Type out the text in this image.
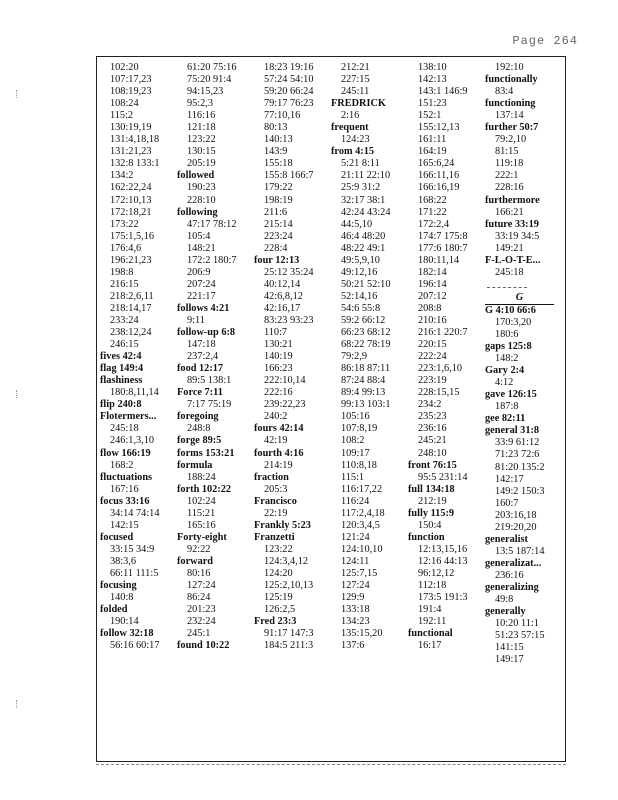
Page 264
102:20
107:17,23
108:19,23
108:24
115:2
130:19,19
131:4,18,18
131:21,23
132:8 133:1
134:2
162:22,24
172:10,13
172:18,21
173:22
175:1,5,16
176:4,6
196:21,23
198:8
216:15
218:2,6,11
218:14,17
233:24
238:12,24
246:15
fives 42:4
flag 149:4
flashiness
180:8,11,14
flip 240:8
Flotermers...
245:18
246:1,3,10
flow 166:19
168:2
fluctuations
167:16
focus 33:16
34:14 74:14
142:15
focused
33:15 34:9
38:3,6
66:11 111:5
focusing
140:8
folded
190:14
follow 32:18
56:16 60:17
61:20 75:16
75:20 91:4
94:15,23
95:2,3
116:16
121:18
123:22
130:15
205:19
followed
190:23
228:10
following
47:17 78:12
105:4
148:21
172:2 180:7
206:9
207:24
221:17
follows 4:21
9:11
follow-up 6:8
147:18
237:2,4
food 12:17
89:5 138:1
Force 7:11
7:17 75:19
foregoing
248:8
forge 89:5
forms 153:21
formula
188:24
forth 102:22
102:24
115:21
165:16
Forty-eight
92:22
forward
80:16
127:24
86:24
201:23
232:24
245:1
found 10:22
18:23 19:16
57:24 54:10
59:20 66:24
79:17 76:23
77:10,16
80:13
140:13
143:9
155:18
155:8 166:7
179:22
198:19
211:6
215:14
223:24
228:4
four 12:13
25:12 35:24
40:12,14
42:6,8,12
42:16,17
83:23 93:23
110:7
130:21
140:19
166:23
222:10,14
222:16
239:22,23
240:2
fours 42:14
42:19
fourth 4:16
214:19
fraction
205:3
Francisco
22:19
Frankly 5:23
Franzetti
123:22
124:3,4,12
124:20
125:2,10,13
125:19
126:2,5
Fred 23:3
91:17 147:3
184:5 211:3
212:21
227:15
245:11
FREDRICK
2:16
frequent
124:23
from 4:15
5:21 8:11
21:11 22:10
25:9 31:2
32:17 38:1
42:24 43:24
44:5,10
46:4 48:20
48:22 49:1
49:5,9,10
49:12,16
50:21 52:10
52:14,16
54:6 55:8
59:2 66:12
66:23 68:12
68:22 78:19
79:2,9
86:18 87:11
87:24 88:4
89:4 99:13
99:13 103:1
105:16
107:8,19
108:2
109:17
110:8,18
115:1
116:17,22
116:24
117:2,4,18
120:3,4,5
121:24
124:10,10
124:11
125:7,15
127:24
129:9
133:18
134:23
135:15,20
137:6
138:10
142:13
143:1 146:9
151:23
152:1
155:12,13
161:11
164:19
165:6,24
166:11,16
166:16,19
168:22
171:22
172:2,4
174:7 175:8
177:6 180:7
180:11,14
182:14
196:14
207:12
208:8
210:16
216:1 220:7
220:15
222:24
223:1,6,10
223:19
228:15,15
234:2
235:23
236:16
245:21
248:10
front 76:15
95:5 231:14
full 134:18
212:19
fully 115:9
150:4
function
12:13,15,16
12:16 44:13
96:12,12
112:18
173:5 191:3
191:4
192:11
functional
16:17
192:10
functionally
83:4
functioning
137:14
further 50:7
79:2,10
81:15
119:18
222:1
228:16
furthermore
166:21
future 33:19
33:19 34:5
149:21
F-L-O-T-E...
245:18
G
G 4:10 66:6
170:3,20
180:6
gaps 125:8
148:2
Gary 2:4
4:12
gave 126:15
187:8
gee 82:11
general 31:8
33:9 61:12
71:23 72:6
81:20 135:2
142:17
149:2 150:3
160:7
203:16,18
219:20,20
generalist
13:5 187:14
generalizat...
236:16
generalizing
49:8
generally
10:20 11:1
51:23 57:15
141:15
149:17
